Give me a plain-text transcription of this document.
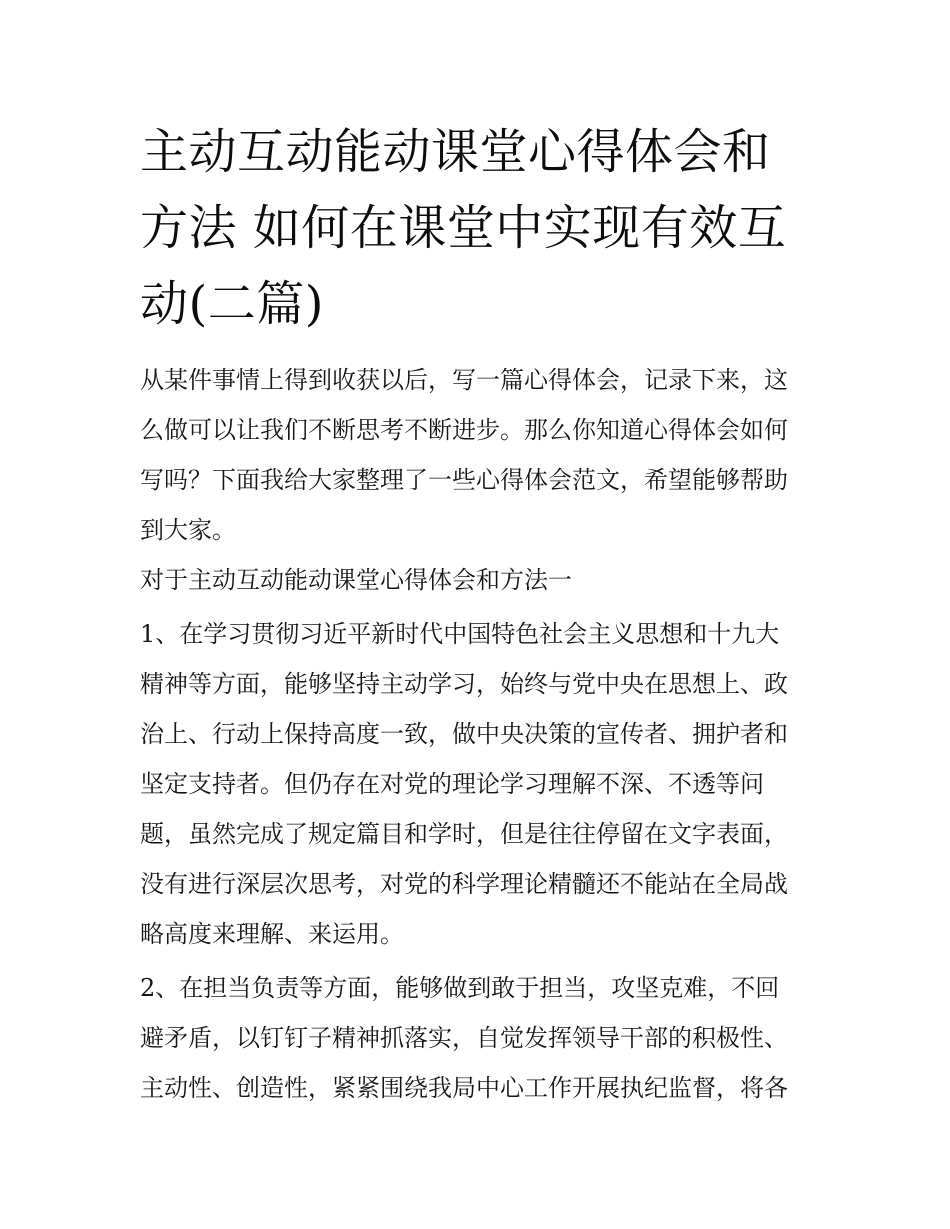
主动互动能动课堂心得体会和
方法 如何在课堂中实现有效互
动(二篇)
从某件事情上得到收获以后，写一篇心得体会，记录下来，这
么做可以让我们不断思考不断进步。那么你知道心得体会如何
写吗？下面我给大家整理了一些心得体会范文，希望能够帮助
到大家。
对于主动互动能动课堂心得体会和方法一
1、在学习贯彻习近平新时代中国特色社会主义思想和十九大
精神等方面，能够坚持主动学习，始终与党中央在思想上、政
治上、行动上保持高度一致，做中央决策的宣传者、拥护者和
坚定支持者。但仍存在对党的理论学习理解不深、不透等问
题，虽然完成了规定篇目和学时，但是往往停留在文字表面，
没有进行深层次思考，对党的科学理论精髓还不能站在全局战
略高度来理解、来运用。
2、在担当负责等方面，能够做到敢于担当，攻坚克难，不回
避矛盾，以钉钉子精神抓落实，自觉发挥领导干部的积极性、
主动性、创造性，紧紧围绕我局中心工作开展执纪监督，将各
